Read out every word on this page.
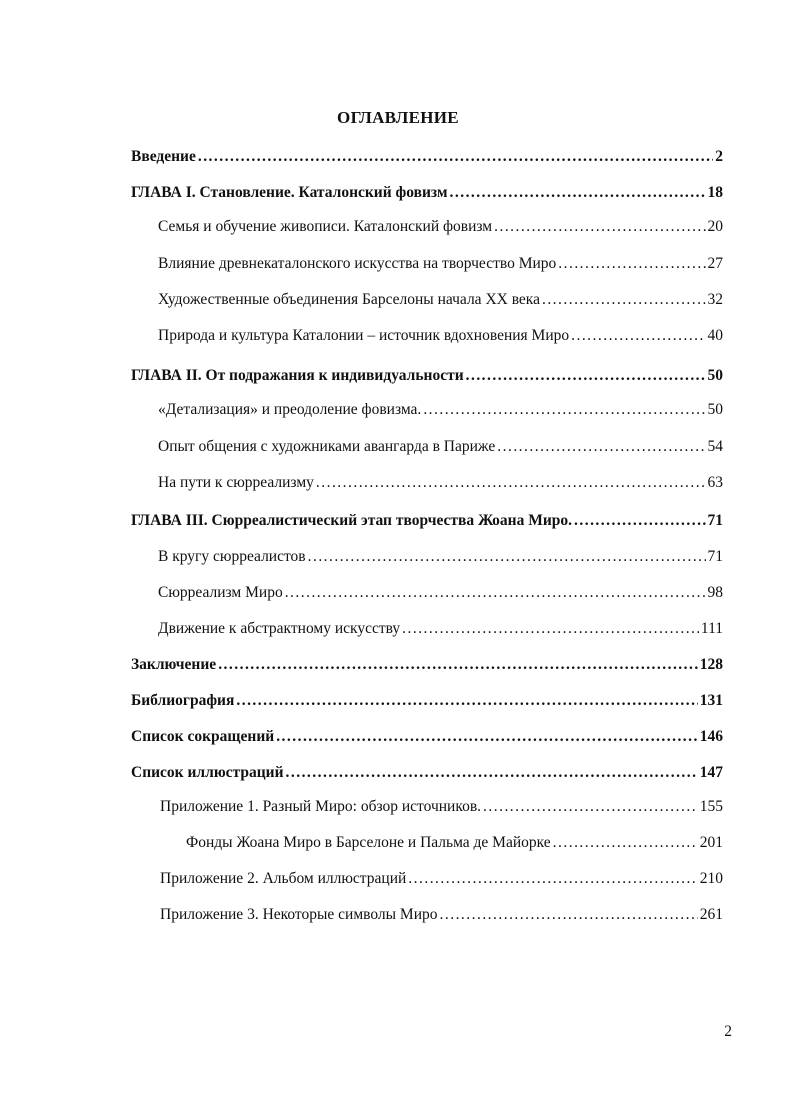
ОГЛАВЛЕНИЕ
Введение . . .	2
ГЛАВА I. Становление. Каталонский фовизм . . .	18
Семья и обучение живописи. Каталонский фовизм . . .	20
Влияние древнекаталонского искусства на творчество Миро . . .	27
Художественные объединения Барселоны начала XX века . . .	32
Природа и культура Каталонии – источник вдохновения Миро . . .	40
ГЛАВА II. От подражания к индивидуальности . . .	50
«Детализация» и преодоление фовизма. . . .	50
Опыт общения с художниками авангарда в Париже . . .	54
На пути к сюрреализму . . .	63
ГЛАВА III. Сюрреалистический этап творчества Жоана Миро. . . .	71
В кругу сюрреалистов . . .	71
Сюрреализм Миро . . .	98
Движение к абстрактному искусству . . .	111
Заключение . . .	128
Библиография . . .	131
Список сокращений . . .	146
Список иллюстраций . . .	147
Приложение 1. Разный Миро: обзор источников. . . .	155
Фонды Жоана Миро в Барселоне и Пальма де Майорке . . .	201
Приложение 2. Альбом иллюстраций . . .	210
Приложение 3. Некоторые символы Миро . . .	261
2
